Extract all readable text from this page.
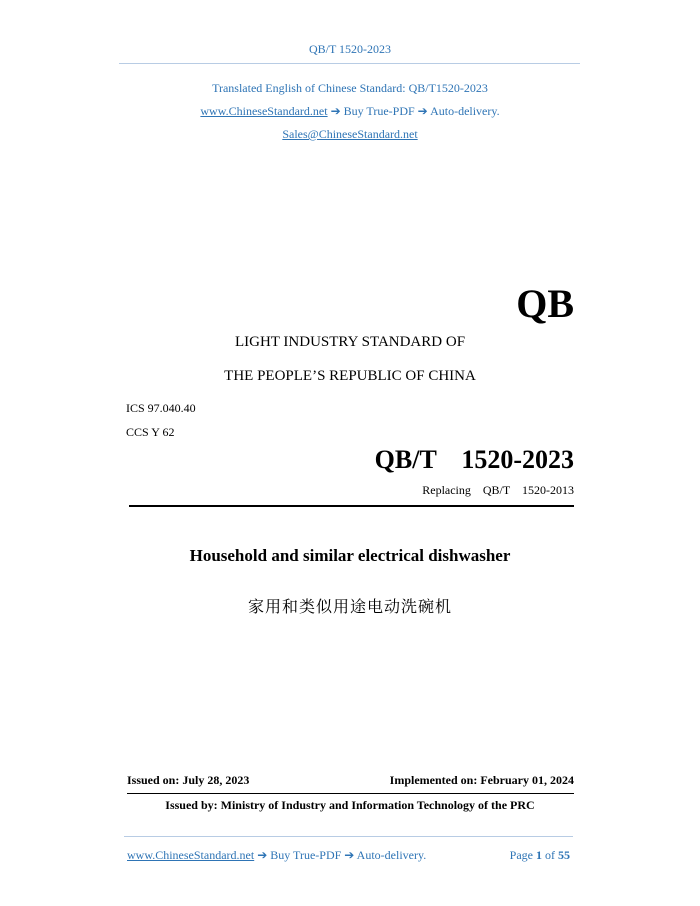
QB/T 1520-2023
Translated English of Chinese Standard: QB/T1520-2023
www.ChineseStandard.net ➔ Buy True-PDF ➔ Auto-delivery.
Sales@ChineseStandard.net
QB
LIGHT INDUSTRY STANDARD OF
THE PEOPLE’S REPUBLIC OF CHINA
ICS 97.040.40
CCS Y 62
QB/T  1520-2023
Replacing  QB/T  1520-2013
Household and similar electrical dishwasher
家用和类似用途电动洗碗机
Issued on: July 28, 2023	Implemented on: February 01, 2024
Issued by: Ministry of Industry and Information Technology of the PRC
www.ChineseStandard.net ➔ Buy True-PDF ➔ Auto-delivery.	Page 1 of 55
